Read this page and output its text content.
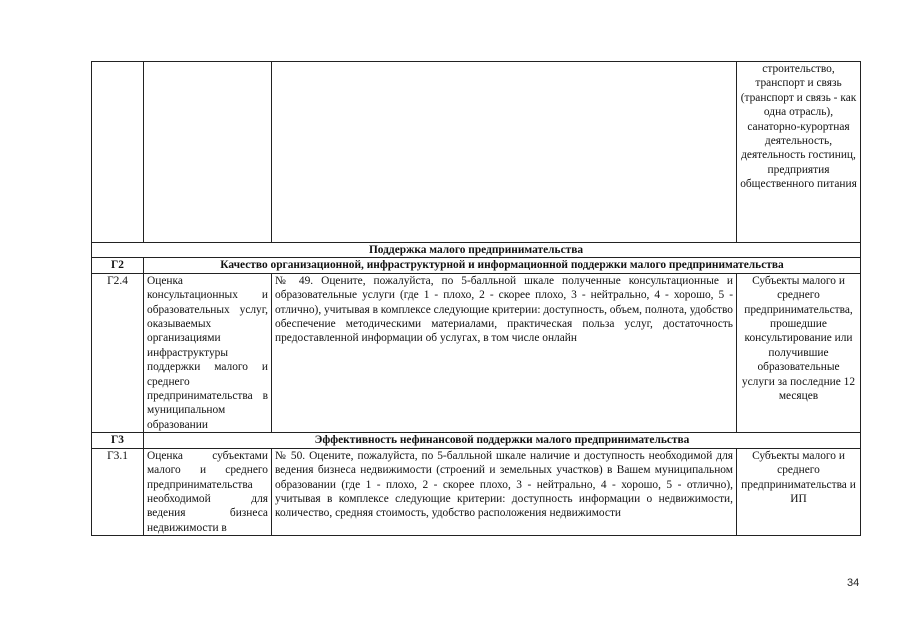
			строительство, транспорт и связь (транспорт и связь - как одна отрасль), санаторно-курортная деятельность, деятельность гостиниц, предприятия общественного питания

Поддержка малого предпринимательства			
Г2	Качество организационной, инфраструктурной и информационной поддержки малого предпринимательства		
Г2.4	Оценка консультационных и образовательных услуг, оказываемых организациями инфраструктуры поддержки малого и среднего предпринимательства в муниципальном образовании	№ 49. Оцените, пожалуйста, по 5-балльной шкале полученные консультационные и образовательные услуги (где 1 - плохо, 2 - скорее плохо, 3 - нейтрально, 4 - хорошо, 5 - отлично), учитывая в комплексе следующие критерии: доступность, объем, полнота, удобство обеспечение методическими материалами, практическая польза услуг, достаточность предоставленной информации об услугах, в том числе онлайн	Субъекты малого и среднего предпринимательства, прошедшие консультирование или получившие образовательные услуги за последние 12 месяцев
Г3	Эффективность нефинансовой поддержки малого предпринимательства		
Г3.1	Оценка субъектами малого и среднего предпринимательства необходимой для ведения бизнеса недвижимости в	№ 50. Оцените, пожалуйста, по 5-балльной шкале наличие и доступность необходимой для ведения бизнеса недвижимости (строений и земельных участков) в Вашем муниципальном образовании (где 1 - плохо, 2 - скорее плохо, 3 - нейтрально, 4 - хорошо, 5 - отлично), учитывая в комплексе следующие критерии: доступность информации о недвижимости, количество, средняя стоимость, удобство расположения недвижимости	Субъекты малого и среднего предпринимательства и ИП
34
